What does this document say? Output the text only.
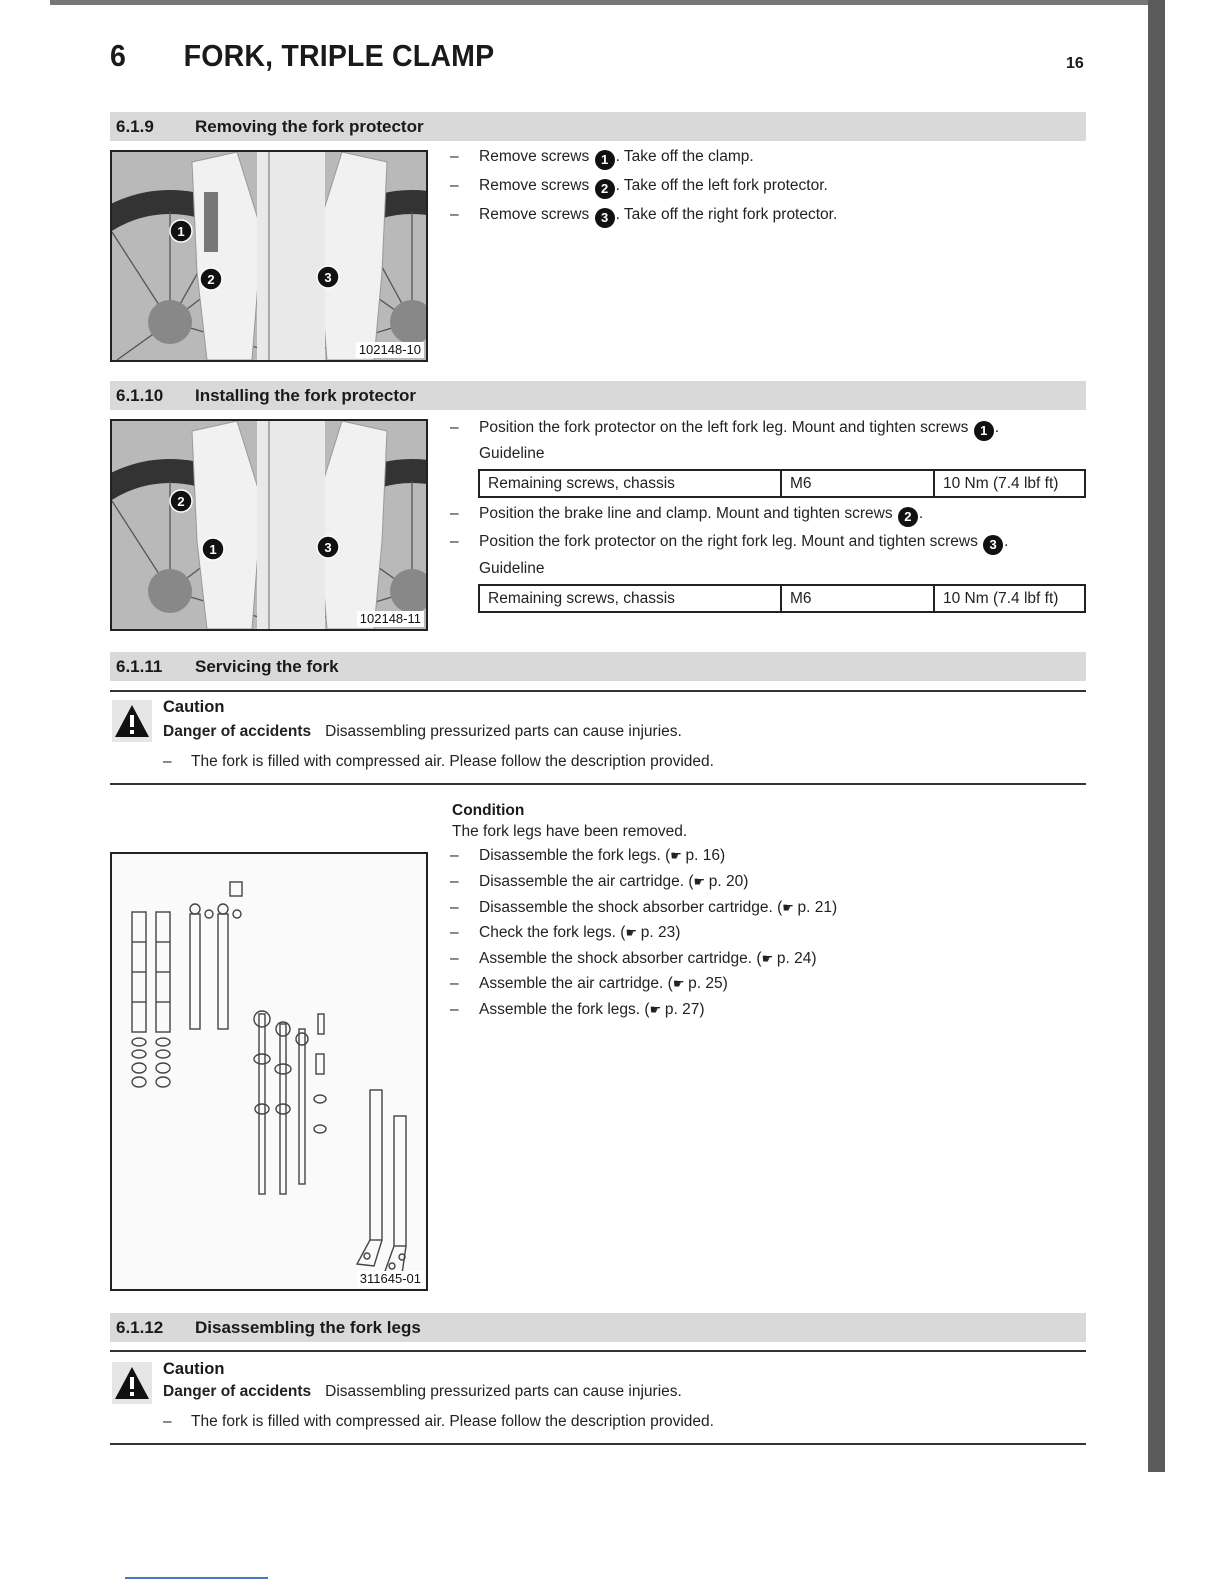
6 FORK, TRIPLE CLAMP	16
6.1.9 Removing the fork protector
1
2	3
102148-10
– Remove screws 1 . Take off the clamp.
– Remove screws 2 . Take off the left fork protector.
– Remove screws 3 . Take off the right fork protector.
6.1.10 Installing the fork protector
2
1	3
102148-11
– Position the fork protector on the left fork leg. Mount and tighten screws 1 .
Guideline
Remaining screws, chassis	M6	10 Nm (7.4 lbf ft)
– Position the brake line and clamp. Mount and tighten screws 2 .
– Position the fork protector on the right fork leg. Mount and tighten screws 3 .
Guideline
Remaining screws, chassis	M6	10 Nm (7.4 lbf ft)
6.1.11 Servicing the fork
Caution
Danger of accidents Disassembling pressurized parts can cause injuries.
– The fork is filled with compressed air. Please follow the description provided.
Condition
The fork legs have been removed.
– Disassemble the fork legs. (☛ p. 16)
– Disassemble the air cartridge. (☛ p. 20)
– Disassemble the shock absorber cartridge. (☛ p. 21)
– Check the fork legs. (☛ p. 23)
– Assemble the shock absorber cartridge. (☛ p. 24)
– Assemble the air cartridge. (☛ p. 25)
– Assemble the fork legs. (☛ p. 27)
311645-01
6.1.12 Disassembling the fork legs
Caution
Danger of accidents Disassembling pressurized parts can cause injuries.
– The fork is filled with compressed air. Please follow the description provided.
